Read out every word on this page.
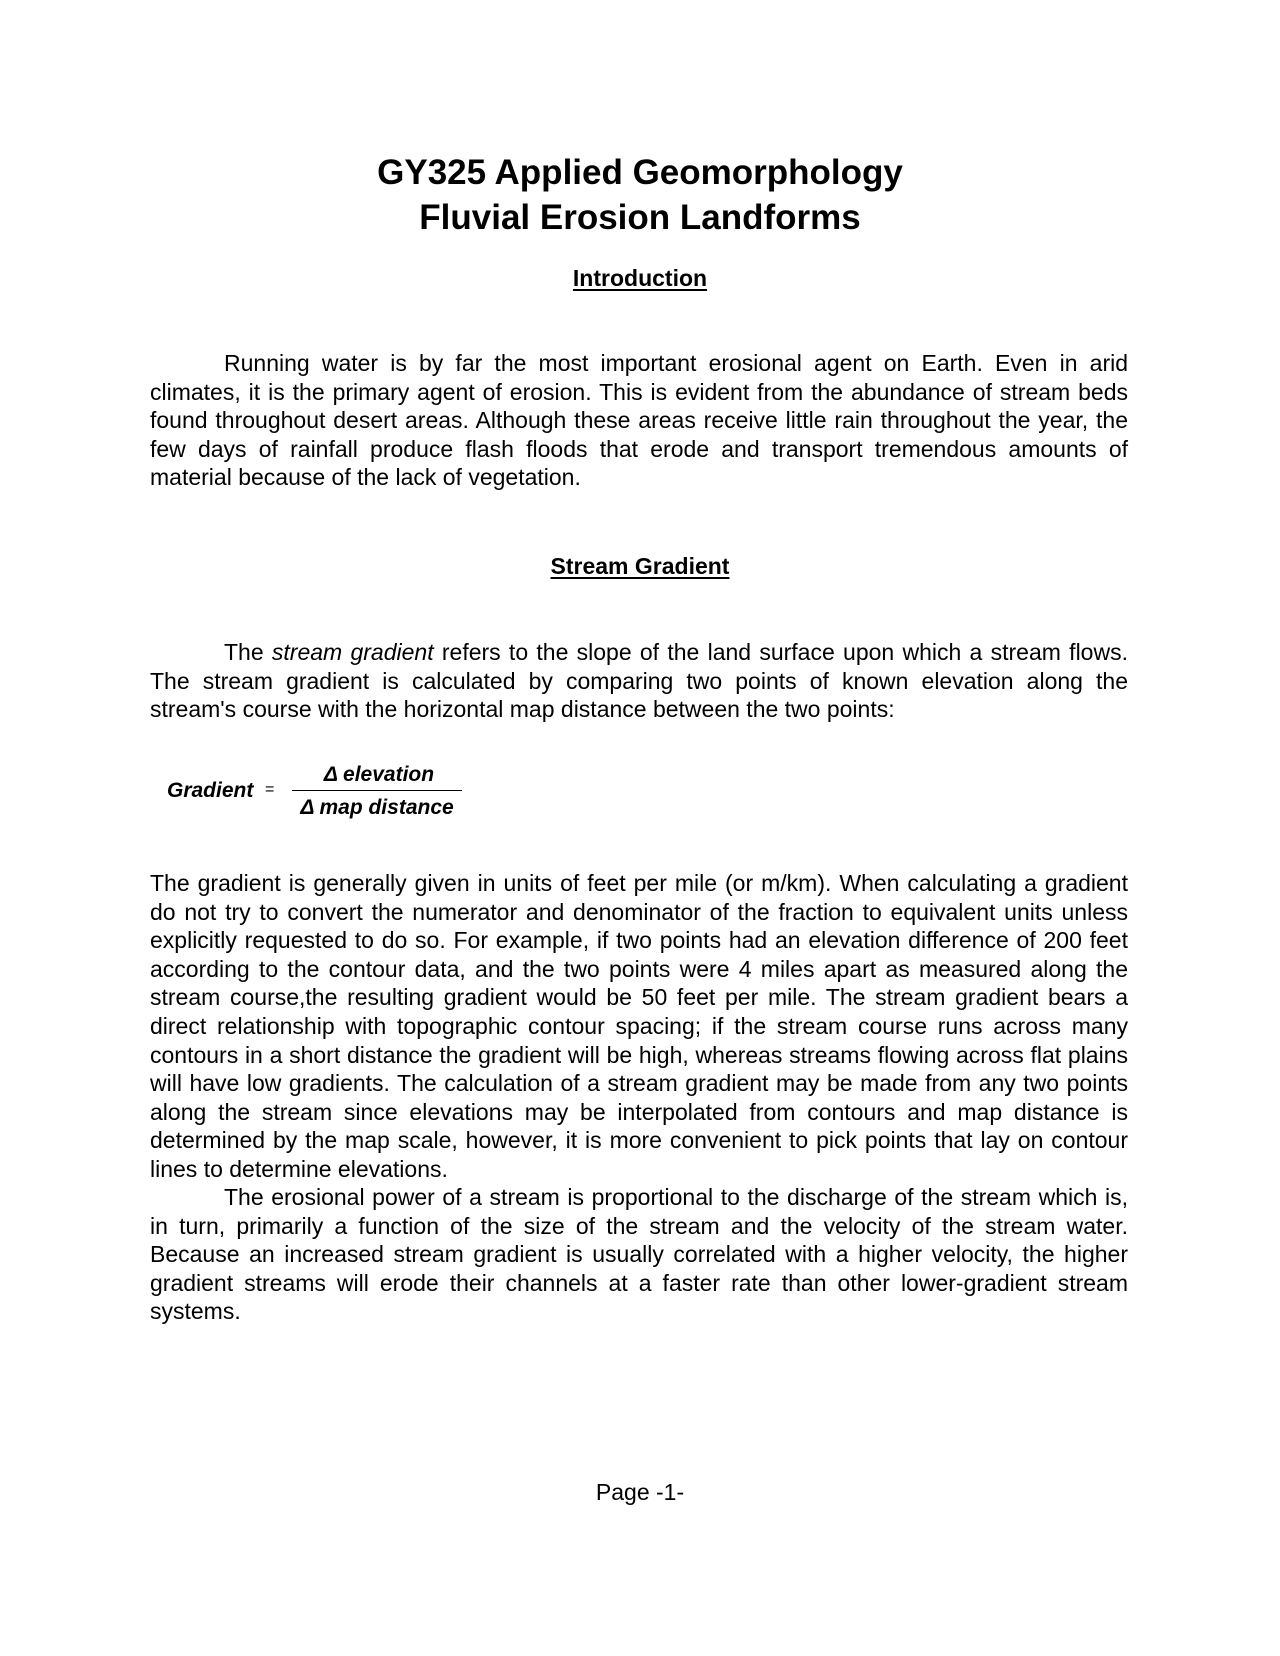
GY325 Applied Geomorphology
Fluvial Erosion Landforms
Introduction

Running water is by far the most important erosional agent on Earth. Even in arid climates, it is the primary agent of erosion. This is evident from the abundance of stream beds found throughout desert areas. Although these areas receive little rain throughout the year, the few days of rainfall produce flash floods that erode and transport tremendous amounts of material because of the lack of vegetation.

Stream Gradient

The stream gradient refers to the slope of the land surface upon which a stream flows. The stream gradient is calculated by comparing two points of known elevation along the stream's course with the horizontal map distance between the two points:

Gradient =
Δ elevation
Δ map distance

The gradient is generally given in units of feet per mile (or m/km). When calculating a gradient do not try to convert the numerator and denominator of the fraction to equivalent units unless explicitly requested to do so. For example, if two points had an elevation difference of 200 feet according to the contour data, and the two points were 4 miles apart as measured along the stream course,the resulting gradient would be 50 feet per mile. The stream gradient bears a direct relationship with topographic contour spacing; if the stream course runs across many contours in a short distance the gradient will be high, whereas streams flowing across flat plains will have low gradients. The calculation of a stream gradient may be made from any two points along the stream since elevations may be interpolated from contours and map distance is determined by the map scale, however, it is more convenient to pick points that lay on contour lines to determine elevations.

The erosional power of a stream is proportional to the discharge of the stream which is, in turn, primarily a function of the size of the stream and the velocity of the stream water. Because an increased stream gradient is usually correlated with a higher velocity, the higher gradient streams will erode their channels at a faster rate than other lower-gradient stream systems.

Page -1-
